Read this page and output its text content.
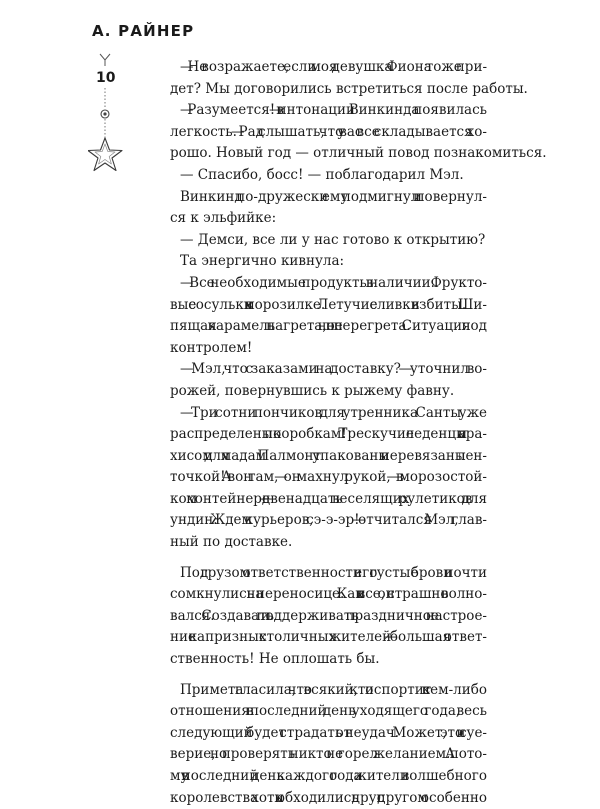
А. РАЙНЕР
10

— Не возражаете, если моя девушка Фиона тоже при-
дет? Мы договорились встретиться после работы.

— Разумеется! — в интонации Винкинда появилась
легкость. — Рад слышать, что у вас все складывается хо-
рошо. Новый год — отличный повод познакомиться.

— Спасибо, босс! — поблагодарил Мэл.

Винкинд по-дружески ему подмигнул и повернул-
ся к эльфийке:

— Демси, все ли у нас готово к открытию?

Та энергично кивнула:

— Все необходимые продукты в наличии. Фрукто-
вые сосульки в морозилке. Летучие сливки взбиты. Ши-
пящая карамель нагрета, но не перегрета. Ситуация под
контролем!

— Мэл, что с заказами на доставку? — уточнил во-
рожей, повернувшись к рыжему фавну.

— Три сотни пончиков для утренника Санты уже
распределены по коробкам! Трескучие леденцы с ара-
хисом для мадам Палмонт упакованы и перевязаны лен-
точкой! А вон там, — он махнул рукой, — в морозостой-
ком контейнере — двенадцать веселящих рулетиков для
ундин. Ждем курьеров, сэ-э-эр! — отчитался Мэл, глав-
ный по доставке.

Под грузом ответственности его густые брови почти
сомкнулись на переносице. Как и все, он страшно волно-
вался. Создавать и поддерживать праздничное настрое-
ние капризных столичных жителей — большая ответ-
ственность! Не оплошать бы.

Примета гласила, что всякий, кто испортит с кем-либо
отношения в последний день уходящего года, весь
следующий будет страдать от неудач. Может, это и суе-
верие, но проверять никто не горел желанием. А пото-
му в последний день каждого года жители волшебного
королевства хоть и обходились друг с другом особенно
